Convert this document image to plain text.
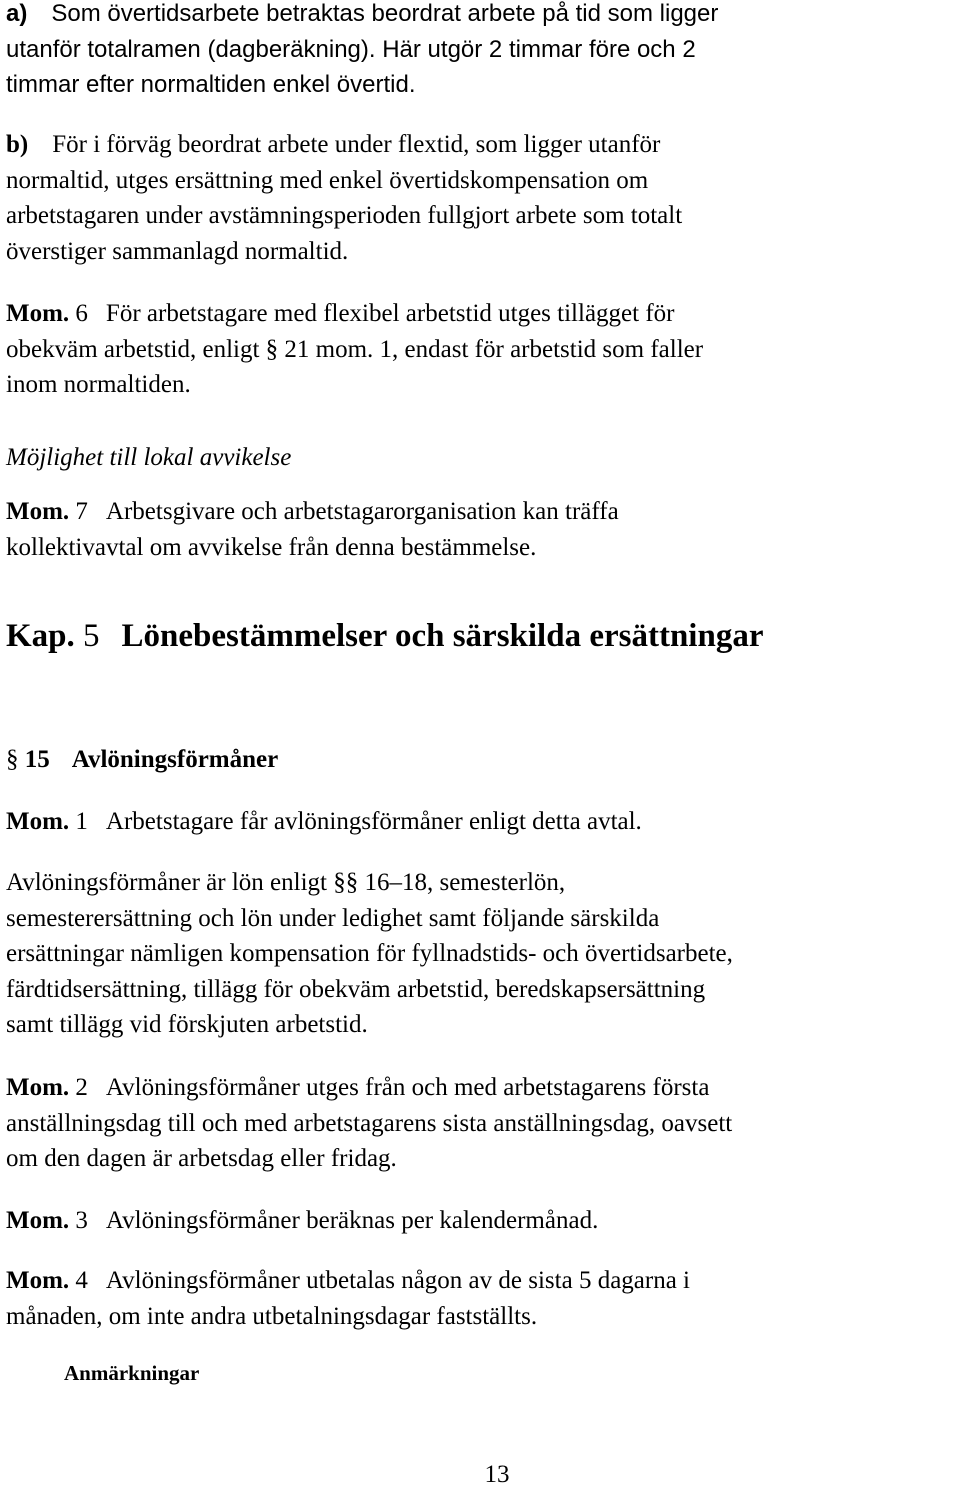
a) Som övertidsarbete betraktas beordrat arbete på tid som ligger
utanför totalramen (dagberäkning). Här utgör 2 timmar före och 2
timmar efter normaltiden enkel övertid.
b) För i förväg beordrat arbete under flextid, som ligger utanför
normaltid, utges ersättning med enkel övertidskompensation om
arbetstagaren under avstämningsperioden fullgjort arbete som totalt
överstiger sammanlagd normaltid.
Mom. 6 För arbetstagare med flexibel arbetstid utges tillägget för
obekväm arbetstid, enligt § 21 mom. 1, endast för arbetstid som faller
inom normaltiden.
Möjlighet till lokal avvikelse
Mom. 7 Arbetsgivare och arbetstagarorganisation kan träffa
kollektivavtal om avvikelse från denna bestämmelse.
Kap. 5 Lönebestämmelser och särskilda ersättningar
§ 15 Avlöningsförmåner
Mom. 1 Arbetstagare får avlöningsförmåner enligt detta avtal.
Avlöningsförmåner är lön enligt §§ 16–18, semesterlön,
semesterersättning och lön under ledighet samt följande särskilda
ersättningar nämligen kompensation för fyllnadstids- och övertidsarbete,
färdtidsersättning, tillägg för obekväm arbetstid, beredskapsersättning
samt tillägg vid förskjuten arbetstid.
Mom. 2 Avlöningsförmåner utges från och med arbetstagarens första
anställningsdag till och med arbetstagarens sista anställningsdag, oavsett
om den dagen är arbetsdag eller fridag.
Mom. 3 Avlöningsförmåner beräknas per kalendermånad.
Mom. 4 Avlöningsförmåner utbetalas någon av de sista 5 dagarna i
månaden, om inte andra utbetalningsdagar fastställts.
Anmärkningar
13
